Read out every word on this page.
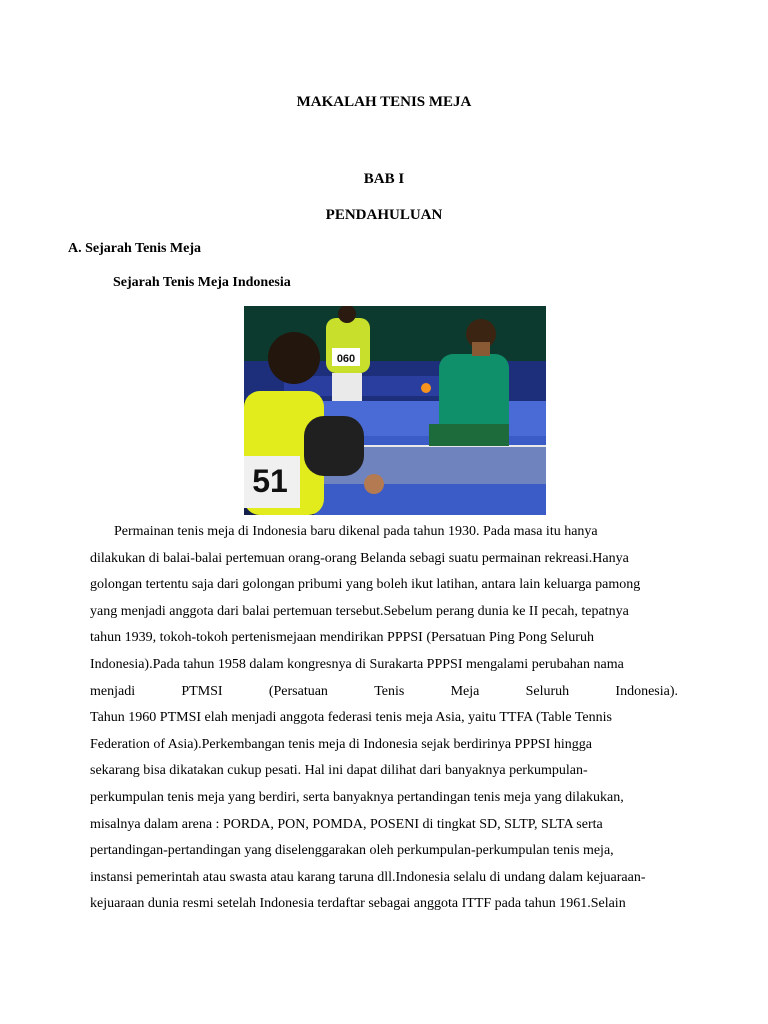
MAKALAH TENIS MEJA
BAB I
PENDAHULUAN
A. Sejarah Tenis Meja
Sejarah Tenis Meja Indonesia
060
51
Permainan tenis meja di Indonesia baru dikenal pada tahun 1930. Pada masa itu hanya
dilakukan di balai-balai pertemuan orang-orang Belanda sebagi suatu permainan rekreasi.Hanya
golongan tertentu saja dari golongan pribumi yang boleh ikut latihan, antara lain keluarga pamong
yang menjadi anggota dari balai pertemuan tersebut.Sebelum perang dunia ke II pecah, tepatnya
tahun 1939, tokoh-tokoh pertenismejaan mendirikan PPPSI (Persatuan Ping Pong Seluruh
Indonesia).Pada tahun 1958 dalam kongresnya di Surakarta PPPSI mengalami perubahan nama
menjadi	PTMSI	(Persatuan	Tenis	Meja	Seluruh	Indonesia).
Tahun 1960 PTMSI elah menjadi anggota federasi tenis meja Asia, yaitu TTFA (Table Tennis
Federation of Asia).Perkembangan tenis meja di Indonesia sejak berdirinya PPPSI hingga
sekarang bisa dikatakan cukup pesati. Hal ini dapat dilihat dari banyaknya perkumpulan-
perkumpulan tenis meja yang berdiri, serta banyaknya pertandingan tenis meja yang dilakukan,
misalnya dalam arena : PORDA, PON, POMDA, POSENI di tingkat SD, SLTP, SLTA serta
pertandingan-pertandingan yang diselenggarakan oleh perkumpulan-perkumpulan tenis meja,
instansi pemerintah atau swasta atau karang taruna dll.Indonesia selalu di undang dalam kejuaraan-
kejuaraan dunia resmi setelah Indonesia terdaftar sebagai anggota ITTF pada tahun 1961.Selain
